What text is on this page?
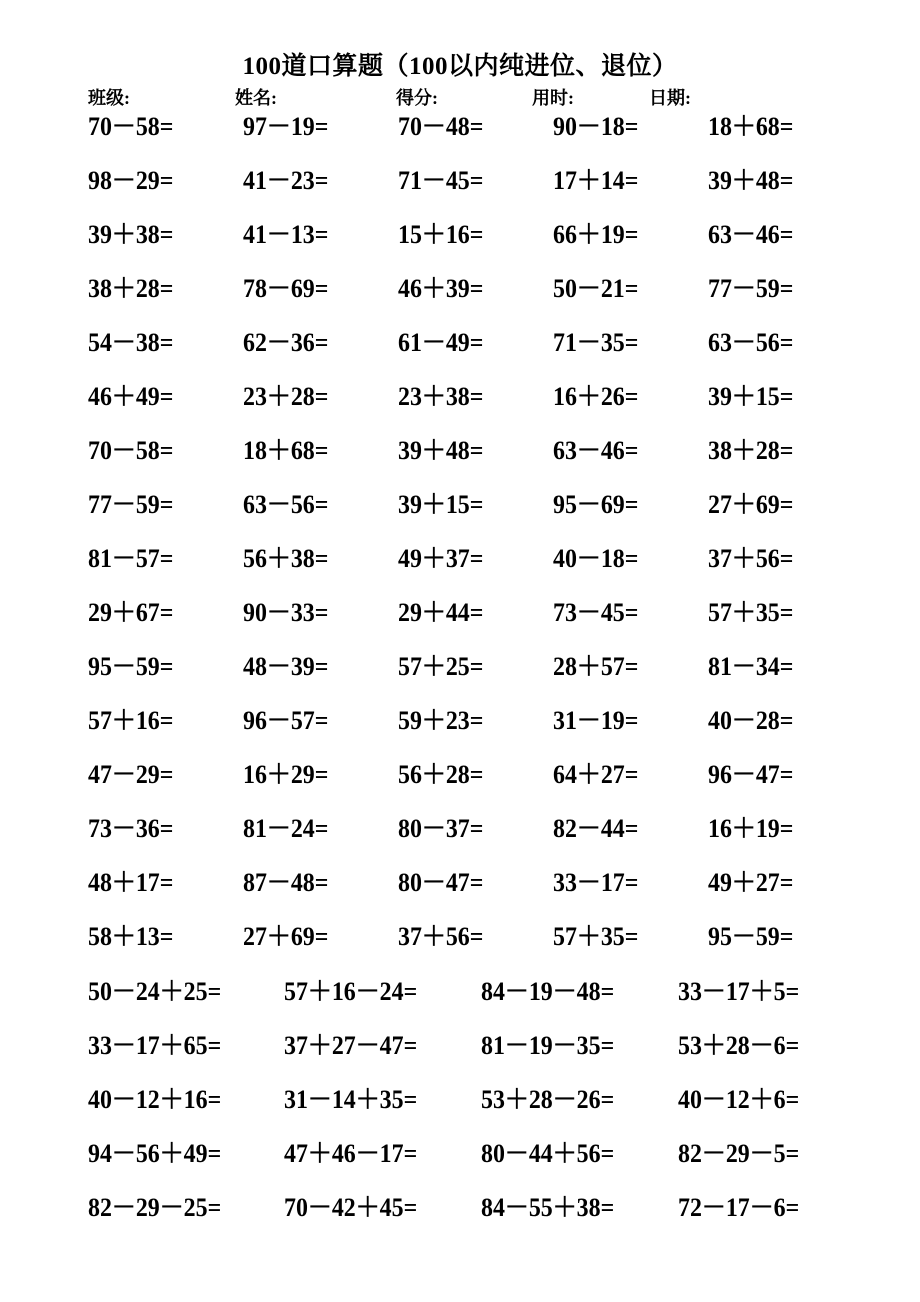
100道口算题（100以内纯进位、退位）
班级:	姓名:	得分:	用时:	日期:
70－58=	97－19=	70－48=	90－18=	18＋68=
98－29=	41－23=	71－45=	17＋14=	39＋48=
39＋38=	41－13=	15＋16=	66＋19=	63－46=
38＋28=	78－69=	46＋39=	50－21=	77－59=
54－38=	62－36=	61－49=	71－35=	63－56=
46＋49=	23＋28=	23＋38=	16＋26=	39＋15=
70－58=	18＋68=	39＋48=	63－46=	38＋28=
77－59=	63－56=	39＋15=	95－69=	27＋69=
81－57=	56＋38=	49＋37=	40－18=	37＋56=
29＋67=	90－33=	29＋44=	73－45=	57＋35=
95－59=	48－39=	57＋25=	28＋57=	81－34=
57＋16=	96－57=	59＋23=	31－19=	40－28=
47－29=	16＋29=	56＋28=	64＋27=	96－47=
73－36=	81－24=	80－37=	82－44=	16＋19=
48＋17=	87－48=	80－47=	33－17=	49＋27=
58＋13=	27＋69=	37＋56=	57＋35=	95－59=
50－24＋25= 57＋16－24= 84－19－48= 33－17＋5=
33－17＋65= 37＋27－47= 81－19－35= 53＋28－6=
40－12＋16= 31－14＋35= 53＋28－26= 40－12＋6=
94－56＋49= 47＋46－17= 80－44＋56= 82－29－5=
82－29－25= 70－42＋45= 84－55＋38= 72－17－6=
